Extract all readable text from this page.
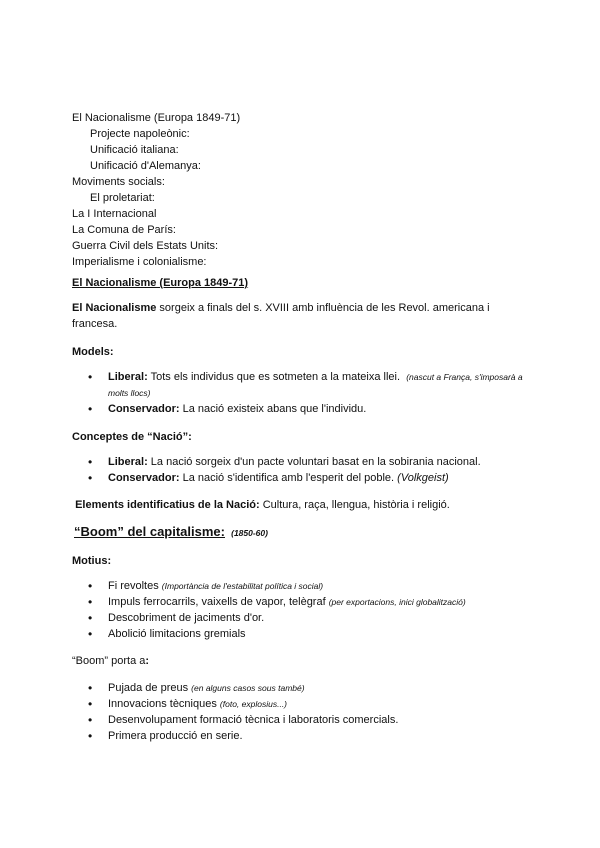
El Nacionalisme (Europa 1849-71)
Projecte napoleònic:
Unificació italiana:
Unificació d'Alemanya:
Moviments socials:
El proletariat:
La I Internacional
La Comuna de París:
Guerra Civil dels Estats Units:
Imperialisme i colonialisme:
El Nacionalisme (Europa 1849-71)

El Nacionalisme sorgeix a finals del s. XVIII amb influència de les Revol. americana i francesa.

Models:
• Liberal: Tots els individus que es sotmeten a la mateixa llei. (nascut a França, s'imposarà a molts llocs)
• Conservador: La nació existeix abans que l'individu.
Conceptes de “Nació”:
• Liberal: La nació sorgeix d'un pacte voluntari basat en la sobirania nacional.
• Conservador: La nació s'identifica amb l'esperit del poble. (Volkgeist)

Elements identificatius de la Nació: Cultura, raça, llengua, història i religió.

“Boom” del capitalisme: (1850-60)
Motius:
• Fi revoltes (Importància de l'estabilitat política i social)
• Impuls ferrocarrils, vaixells de vapor, telègraf (per exportacions, inici globalització)
• Descobriment de jaciments d'or.
• Abolició limitacions gremials

“Boom” porta a:

• Pujada de preus (en alguns casos sous també)
• Innovacions tècniques (foto, explosius...)
• Desenvolupament formació tècnica i laboratoris comercials.
• Primera producció en serie.
